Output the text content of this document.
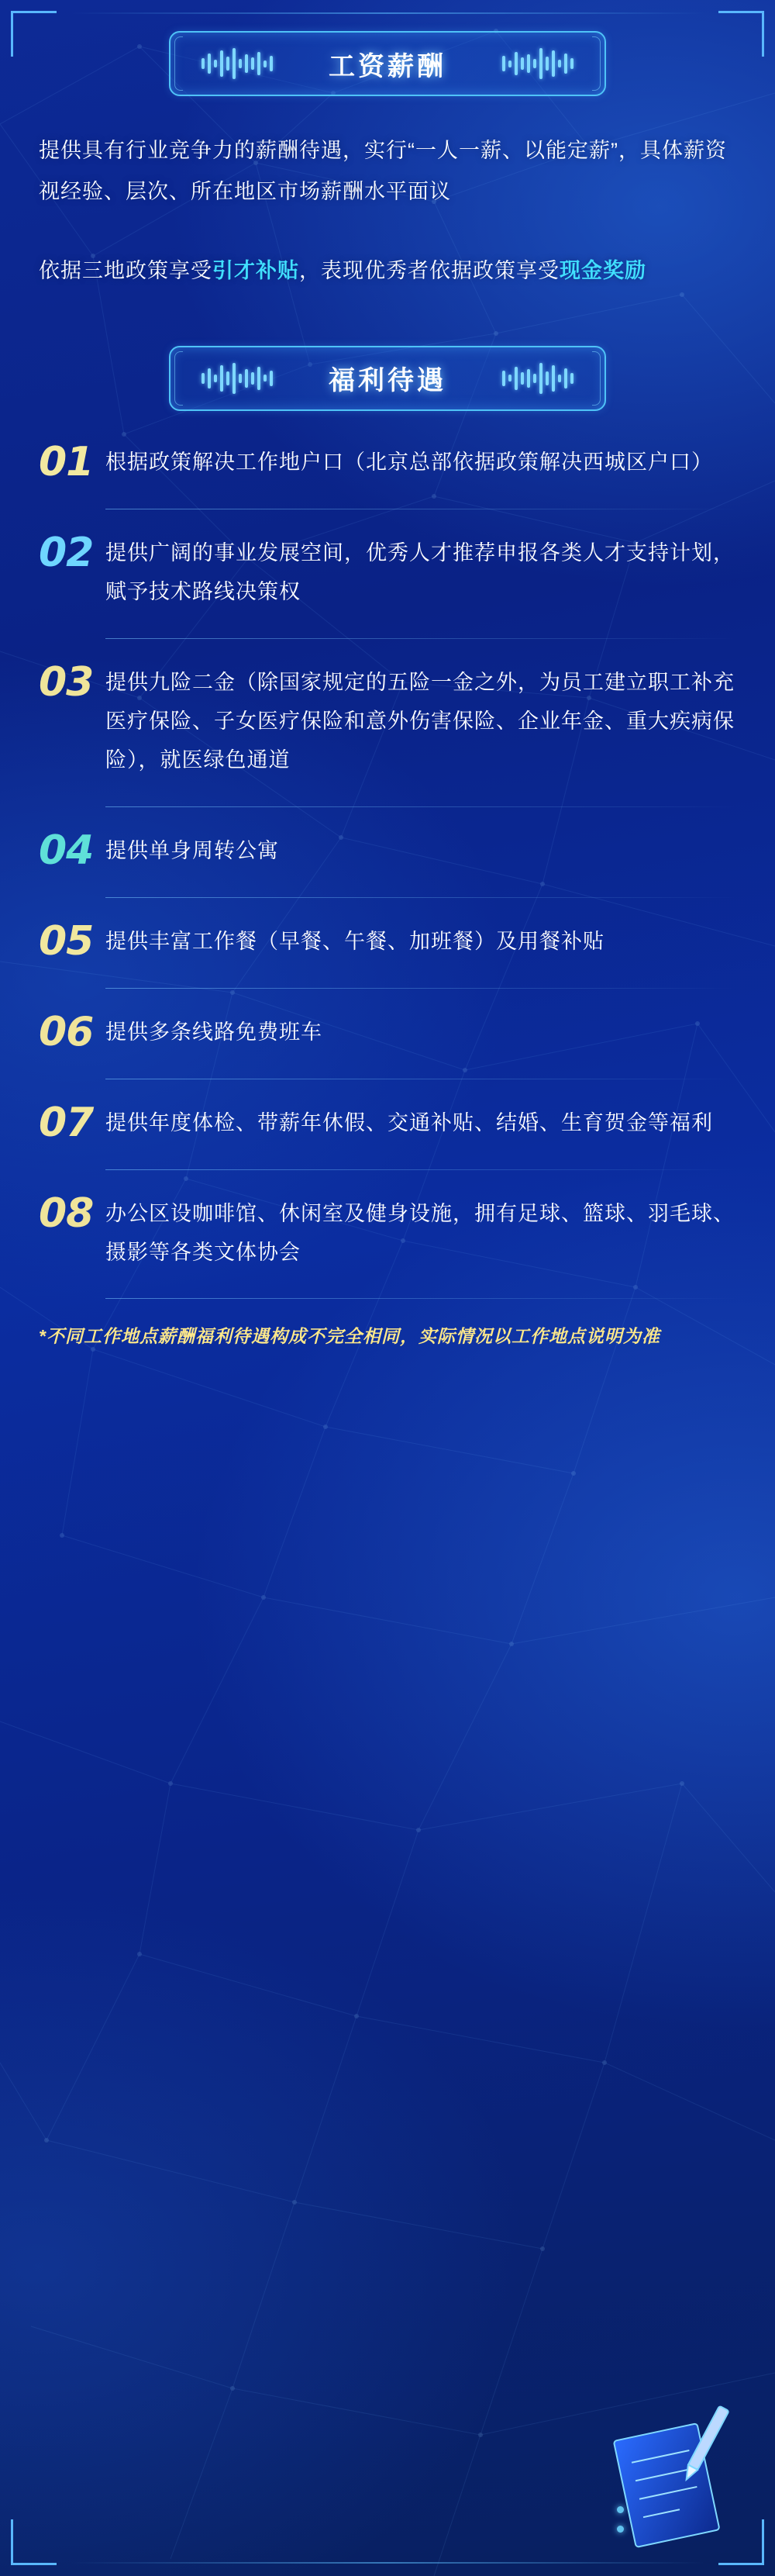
工资薪酬

提供具有行业竞争力的薪酬待遇，实行“一人一薪、以能定薪”，具体薪资视经验、层次、所在地区市场薪酬水平面议

依据三地政策享受引才补贴，表现优秀者依据政策享受现金奖励

福利待遇
01 根据政策解决工作地户口（北京总部依据政策解决西城区户口）
02 提供广阔的事业发展空间，优秀人才推荐申报各类人才支持计划，赋予技术路线决策权
03 提供九险二金（除国家规定的五险一金之外，为员工建立职工补充医疗保险、子女医疗保险和意外伤害保险、企业年金、重大疾病保险），就医绿色通道
04 提供单身周转公寓
05 提供丰富工作餐（早餐、午餐、加班餐）及用餐补贴
06 提供多条线路免费班车
07 提供年度体检、带薪年休假、交通补贴、结婚、生育贺金等福利
08 办公区设咖啡馆、休闲室及健身设施，拥有足球、篮球、羽毛球、摄影等各类文体协会

*不同工作地点薪酬福利待遇构成不完全相同，实际情况以工作地点说明为准
